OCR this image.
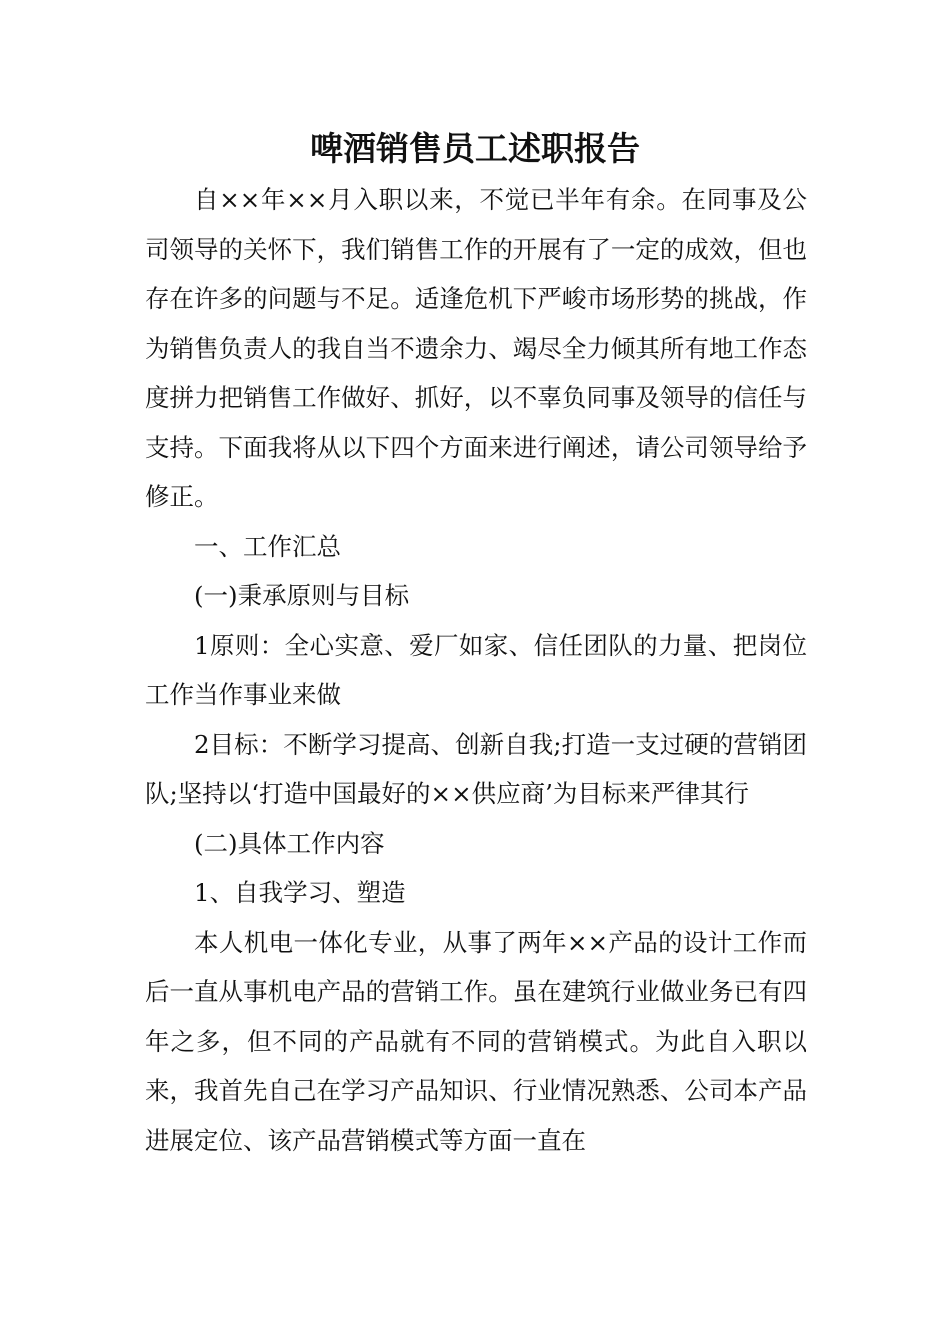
啤酒销售员工述职报告

自××年××月入职以来，不觉已半年有余。在同事及公司领导的关怀下，我们销售工作的开展有了一定的成效，但也存在许多的问题与不足。适逢危机下严峻市场形势的挑战，作为销售负责人的我自当不遗余力、竭尽全力倾其所有地工作态度拼力把销售工作做好、抓好，以不辜负同事及领导的信任与支持。下面我将从以下四个方面来进行阐述，请公司领导给予修正。

一、工作汇总

(一)秉承原则与目标

1原则：全心实意、爱厂如家、信任团队的力量、把岗位工作当作事业来做

2目标：不断学习提高、创新自我;打造一支过硬的营销团队;坚持以‘打造中国最好的××供应商’为目标来严律其行

(二)具体工作内容

1、自我学习、塑造

本人机电一体化专业，从事了两年××产品的设计工作而后一直从事机电产品的营销工作。虽在建筑行业做业务已有四年之多，但不同的产品就有不同的营销模式。为此自入职以来，我首先自己在学习产品知识、行业情况熟悉、公司本产品进展定位、该产品营销模式等方面一直在
